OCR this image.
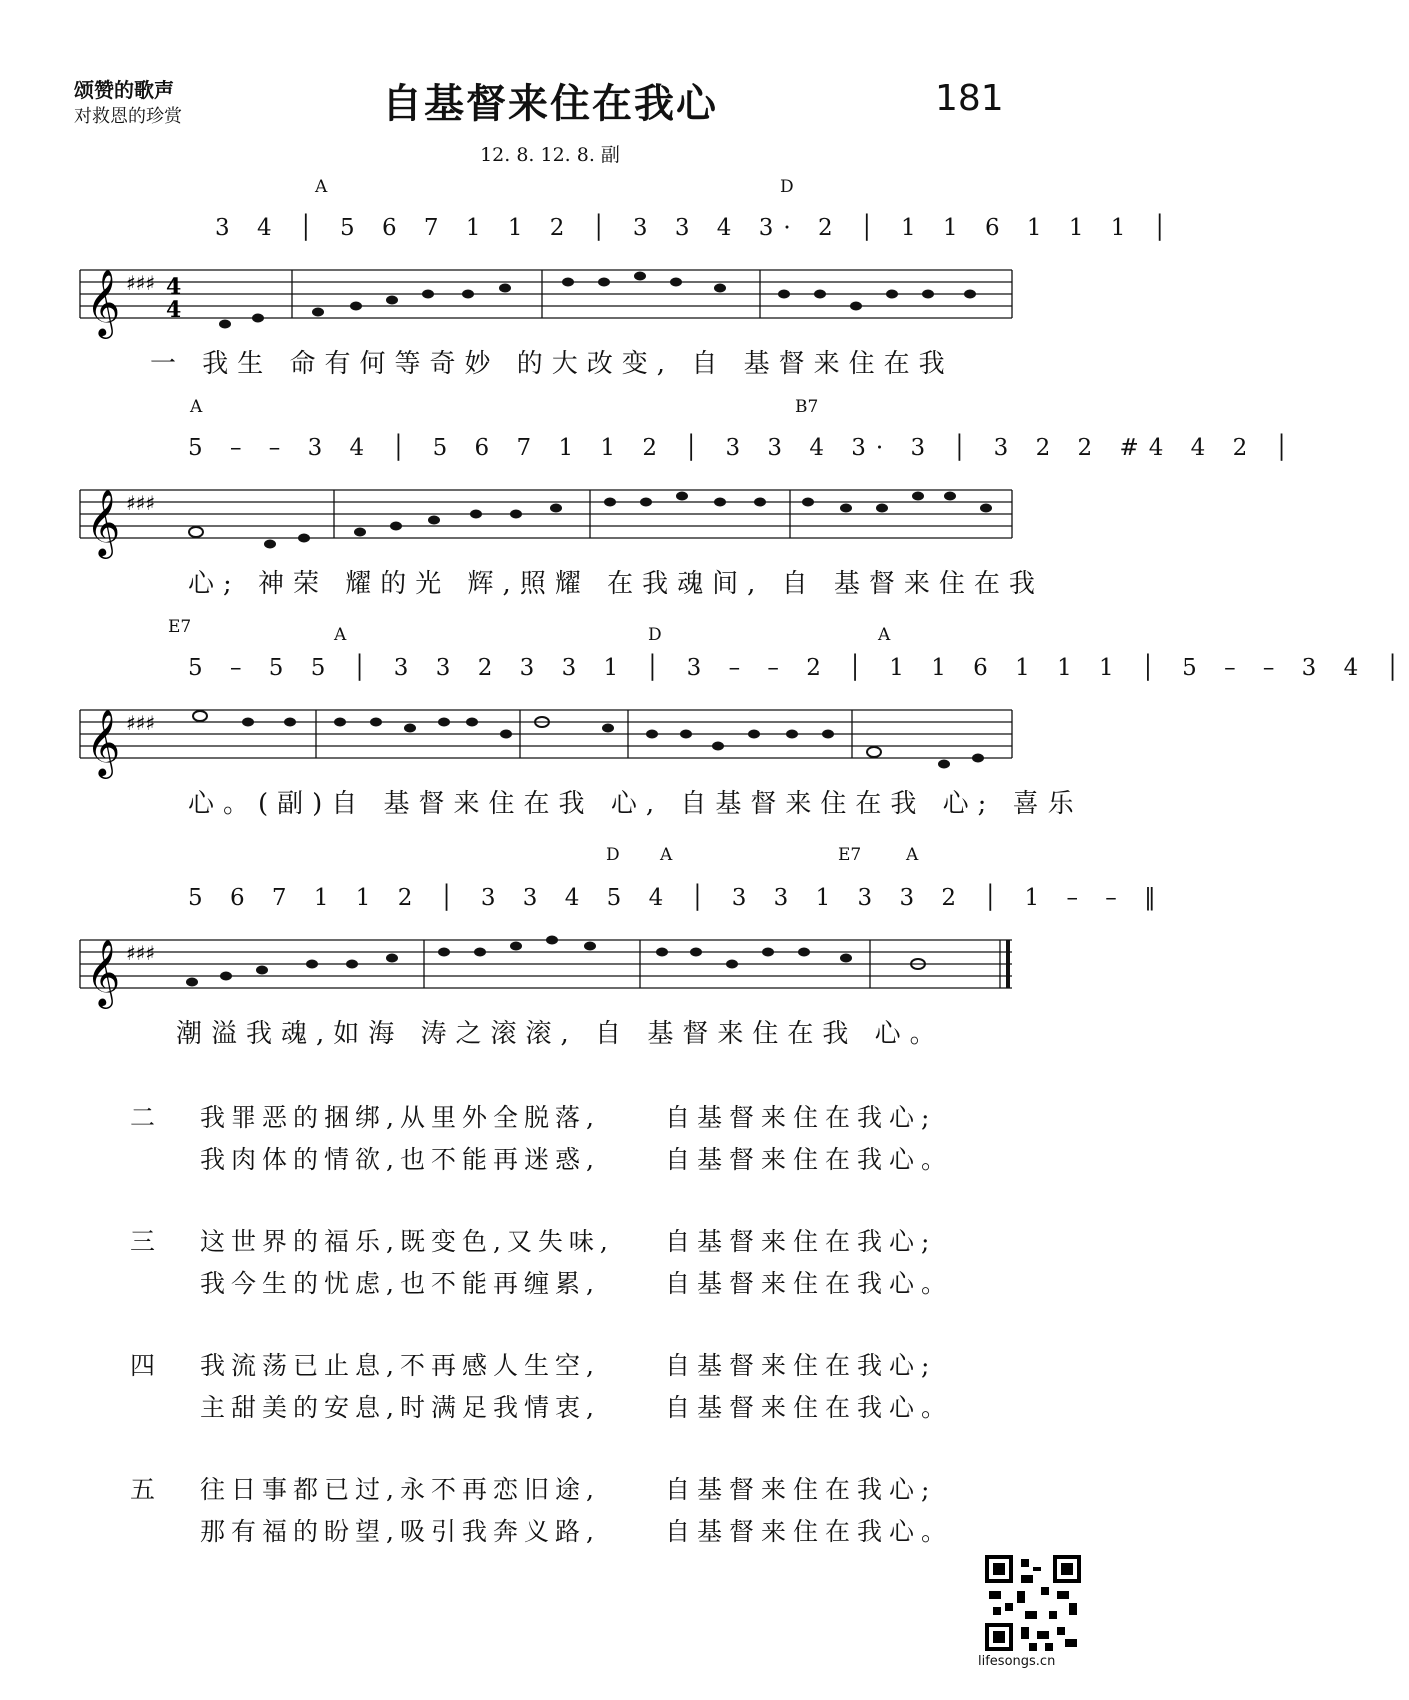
颂赞的歌声
对救恩的珍赏	自基督来住在我心	181
12. 8. 12. 8. 副
A	D
3 4 │ 5 6 7 1 1 2 │ 3 3 4 3· 2 │ 1 1 6 1 1 1 │
𝄞 ♯♯♯ 4
4
一 我生 命有何等奇妙 的大改变, 自 基督来住在我
A	B7
5 – – 3 4 │ 5 6 7 1 1 2 │ 3 3 4 3· 3 │ 3 2 2 #4 4 2 │
𝄞 ♯♯♯
心; 神荣 耀的光 辉,照耀 在我魂间, 自 基督来住在我
E7	A	D	A
5 – 5 5 │ 3 3 2 3 3 1 │ 3 – – 2 │ 1 1 6 1 1 1 │ 5 – – 3 4 │
𝄞 ♯♯♯
心。(副)自 基督来住在我 心, 自基督来住在我 心; 喜乐
D A	E7	A
5 6 7 1 1 2 │ 3 3 4 5 4 │ 3 3 1 3 3 2 │ 1 – – ‖
𝄞 ♯♯♯
潮溢我魂,如海 涛之滚滚, 自 基督来住在我 心。
二 我罪恶的捆绑,从里外全脱落,	自基督来住在我心;
我肉体的情欲,也不能再迷惑,	自基督来住在我心。
三 这世界的福乐,既变色,又失味, 自基督来住在我心;
我今生的忧虑,也不能再缠累,	自基督来住在我心。
四 我流荡已止息,不再感人生空,	自基督来住在我心;
主甜美的安息,时满足我情衷,	自基督来住在我心。
五 往日事都已过,永不再恋旧途,	自基督来住在我心;
那有福的盼望,吸引我奔义路,	自基督来住在我心。
lifesongs.cn
